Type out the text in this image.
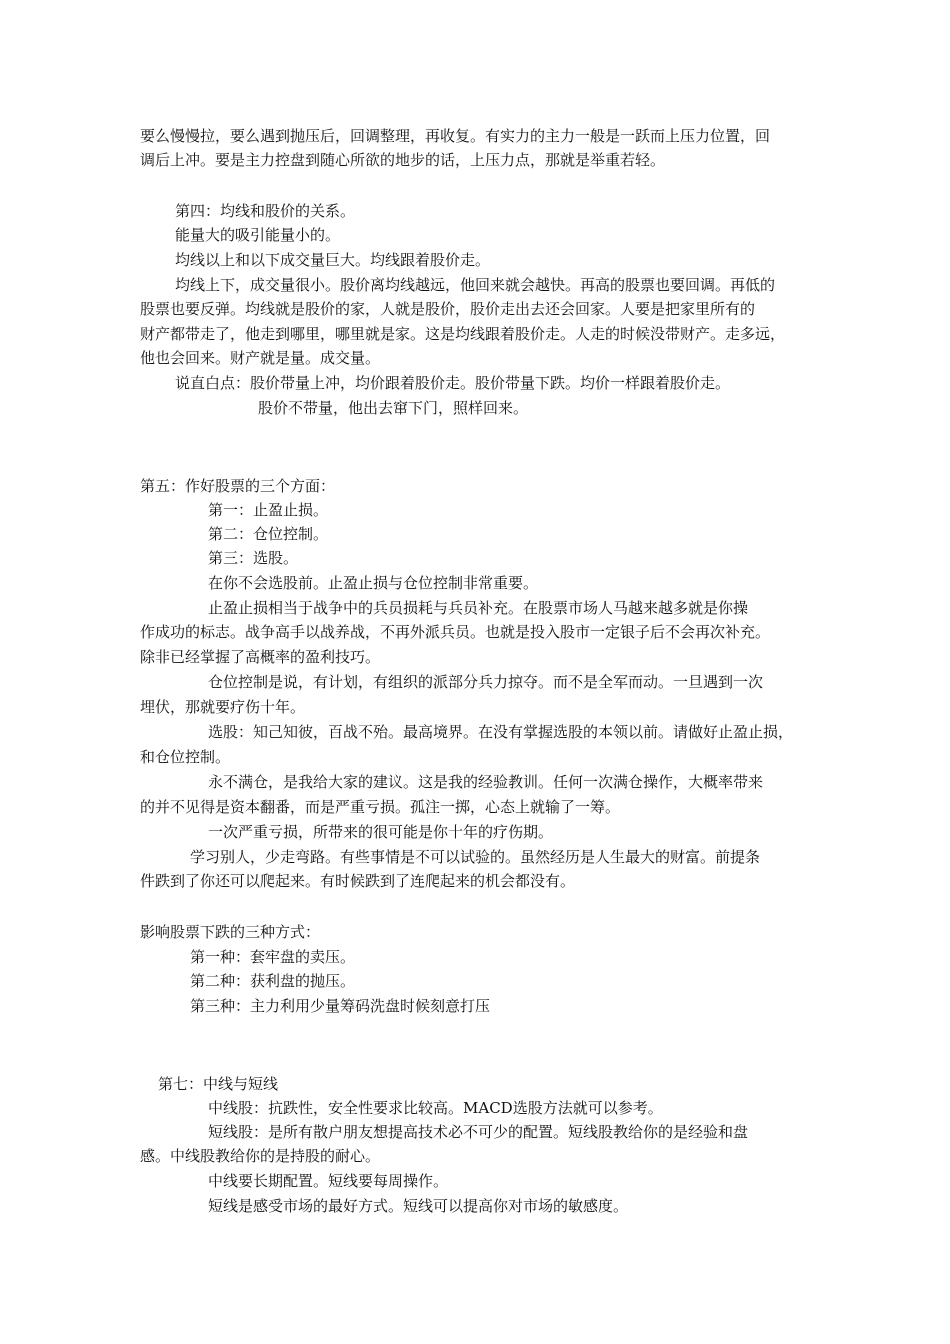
要么慢慢拉，要么遇到抛压后，回调整理，再收复。有实力的主力一般是一跃而上压力位置，回
调后上冲。要是主力控盘到随心所欲的地步的话，上压力点，那就是举重若轻。
第四：均线和股价的关系。
能量大的吸引能量小的。
均线以上和以下成交量巨大。均线跟着股价走。
均线上下，成交量很小。股价离均线越远，他回来就会越快。再高的股票也要回调。再低的
股票也要反弹。均线就是股价的家，人就是股价，股价走出去还会回家。人要是把家里所有的
财产都带走了，他走到哪里，哪里就是家。这是均线跟着股价走。人走的时候没带财产。走多远，
他也会回来。财产就是量。成交量。
说直白点：股价带量上冲，均价跟着股价走。股价带量下跌。均价一样跟着股价走。
股价不带量，他出去窜下门，照样回来。
第五：作好股票的三个方面：
第一：止盈止损。
第二：仓位控制。
第三：选股。
在你不会选股前。止盈止损与仓位控制非常重要。
止盈止损相当于战争中的兵员损耗与兵员补充。在股票市场人马越来越多就是你操
作成功的标志。战争高手以战养战，不再外派兵员。也就是投入股市一定银子后不会再次补充。
除非已经掌握了高概率的盈利技巧。
仓位控制是说，有计划，有组织的派部分兵力掠夺。而不是全军而动。一旦遇到一次
埋伏，那就要疗伤十年。
选股：知己知彼，百战不殆。最高境界。在没有掌握选股的本领以前。请做好止盈止损，
和仓位控制。
永不满仓，是我给大家的建议。这是我的经验教训。任何一次满仓操作，大概率带来
的并不见得是资本翻番，而是严重亏损。孤注一掷，心态上就输了一筹。
一次严重亏损，所带来的很可能是你十年的疗伤期。
学习别人，少走弯路。有些事情是不可以试验的。虽然经历是人生最大的财富。前提条
件跌到了你还可以爬起来。有时候跌到了连爬起来的机会都没有。
影响股票下跌的三种方式：
第一种：套牢盘的卖压。
第二种：获利盘的抛压。
第三种：主力利用少量筹码洗盘时候刻意打压
第七：中线与短线
中线股：抗跌性，安全性要求比较高。MACD选股方法就可以参考。
短线股：是所有散户朋友想提高技术必不可少的配置。短线股教给你的是经验和盘
感。中线股教给你的是持股的耐心。
中线要长期配置。短线要每周操作。
短线是感受市场的最好方式。短线可以提高你对市场的敏感度。
